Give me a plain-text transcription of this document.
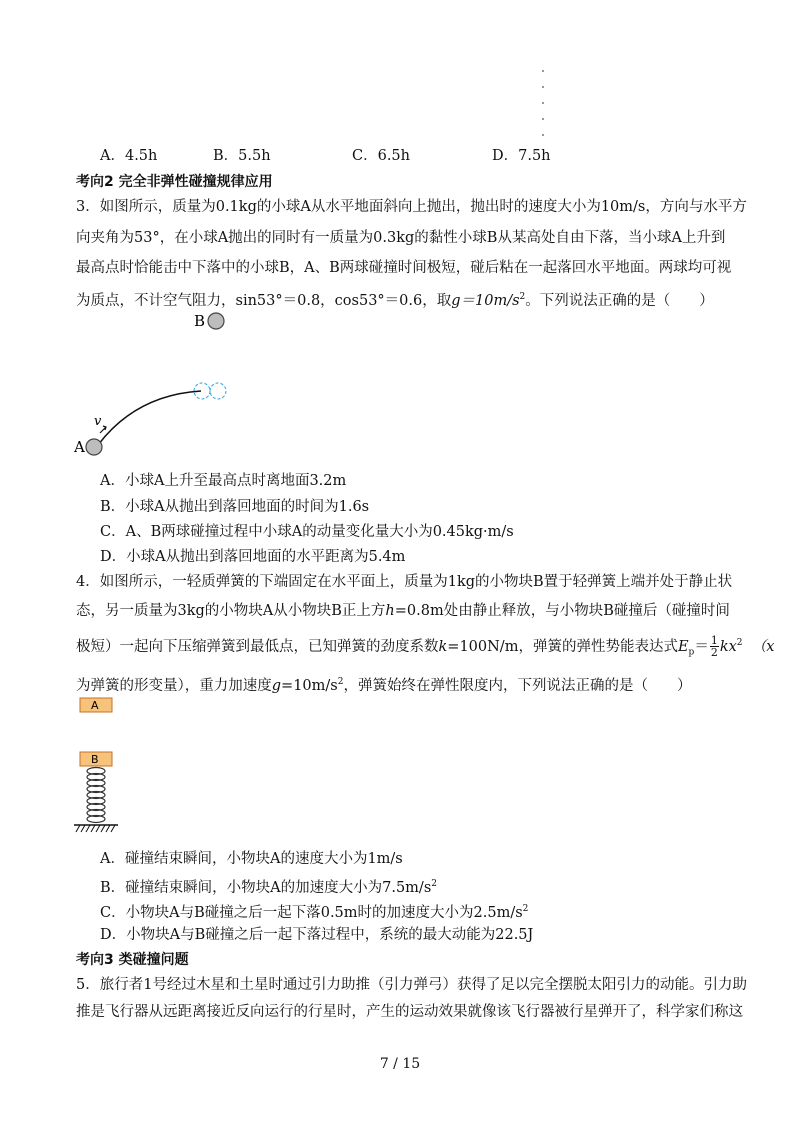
A．4.5h	B．5.5h	C．6.5h	D．7.5h
考向2 完全非弹性碰撞规律应用
3．如图所示，质量为0.1kg的小球A从水平地面斜向上抛出，抛出时的速度大小为10m/s，方向与水平方
向夹角为53°，在小球A抛出的同时有一质量为0.3kg的黏性小球B从某高处自由下落，当小球A上升到
最高点时恰能击中下落中的小球B，A、B两球碰撞时间极短，碰后粘在一起落回水平地面。两球均可视
为质点，不计空气阻力，sin53°＝0.8，cos53°＝0.6，取$g=10m/s^2$。下列说法正确的是（　　）
B
v
A
A．小球A上升至最高点时离地面3.2m
B．小球A从抛出到落回地面的时间为1.6s
C．A、B两球碰撞过程中小球A的动量变化量大小为0.45kg·m/s
D．小球A从抛出到落回地面的水平距离为5.4m
4．如图所示，一轻质弹簧的下端固定在水平面上，质量为1kg的小物块B置于轻弹簧上端并处于静止状
态，另一质量为3kg的小物块A从小物块B正上方h=0.8m处由静止释放，与小物块B碰撞后（碰撞时间
极短）一起向下压缩弹簧到最低点，已知弹簧的劲度系数k=100N/m，弹簧的弹性势能表达式$E_p= \frac{1}{2} kx^2$ （x
为弹簧的形变量），重力加速度$g=10m/s^2$，弹簧始终在弹性限度内，下列说法正确的是（　　）
A
B
A．碰撞结束瞬间，小物块A的速度大小为1m/s
B．碰撞结束瞬间，小物块A的加速度大小为$7.5m/s^2$
C．小物块A与B碰撞之后一起下落0.5m时的加速度大小为$2.5m/s^2$
D．小物块A与B碰撞之后一起下落过程中，系统的最大动能为22.5J
考向3 类碰撞问题
5．旅行者1号经过木星和土星时通过引力助推（引力弹弓）获得了足以完全摆脱太阳引力的动能。引力助
推是飞行器从远距离接近反向运行的行星时，产生的运动效果就像该飞行器被行星弹开了，科学家们称这
7 / 15
